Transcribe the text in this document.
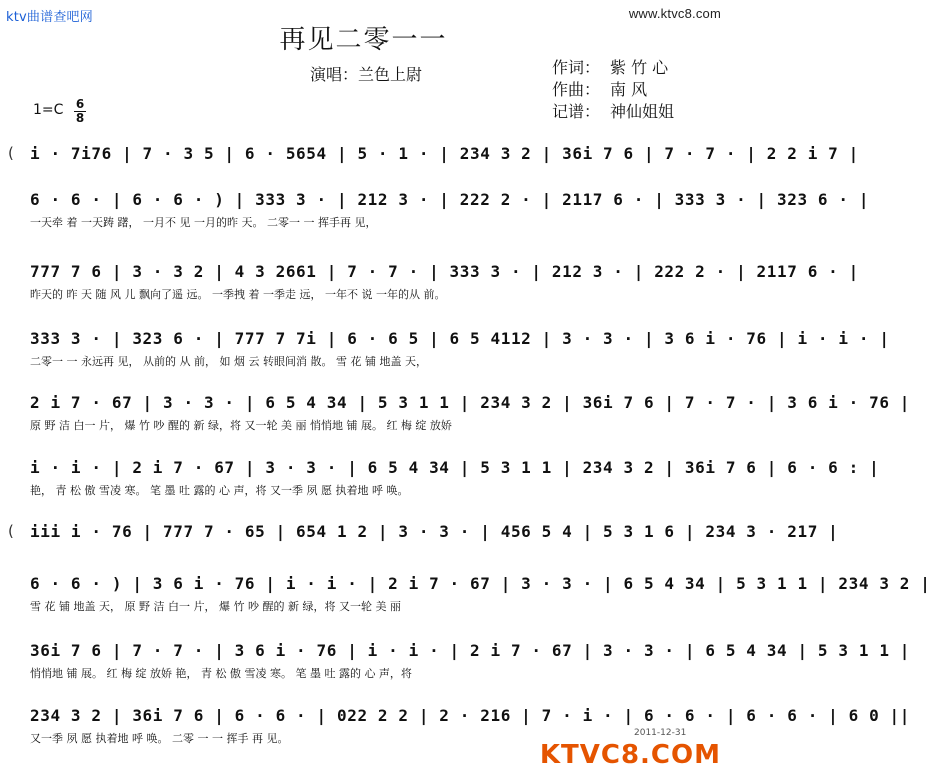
ktv曲谱查吧网	www.ktvc8.com
再见二零一一
演唱：兰色上尉	作词： 紫 竹 心
作曲： 南 风
记谱： 神仙姐姐
1=C 6
8
( i · 7i76 | 7 · 3 5 | 6 · 5654 | 5 · 1 · | 234 3 2 | 36i 7 6 | 7 · 7 · | 2 2 i 7 |
6 · 6 · | 6 · 6 · ) | 333 3 · | 212 3 · | 222 2 · | 2117 6 · | 333 3 · | 323 6 · |
一天牵 着 一天踌 躇， 一月不 见 一月的昨 天。 二零一 一 挥手再 见，
777 7 6 | 3 · 3 2 | 4 3 2661 | 7 · 7 · | 333 3 · | 212 3 · | 222 2 · | 2117 6 · |
昨天的 昨 天 随 风 儿 飘向了遥 远。 一季拽 着 一季走 远， 一年不 说 一年的从 前。
333 3 · | 323 6 · | 777 7 7i | 6 · 6 5 | 6 5 4112 | 3 · 3 · | 3 6 i · 76 | i · i · |
二零一 一 永远再 见， 从前的 从 前， 如 烟 云 转眼间消 散。 雪 花 铺 地盖 天，
2 i 7 · 67 | 3 · 3 · | 6 5 4 34 | 5 3 1 1 | 234 3 2 | 36i 7 6 | 7 · 7 · | 3 6 i · 76 |
原 野 洁 白一 片， 爆 竹 吵 醒的 新 绿，将 又一轮 美 丽 悄悄地 铺 展。 红 梅 绽 放娇
i · i · | 2 i 7 · 67 | 3 · 3 · | 6 5 4 34 | 5 3 1 1 | 234 3 2 | 36i 7 6 | 6 · 6 : |
艳， 青 松 傲 雪凌 寒。 笔 墨 吐 露的 心 声，将 又一季 夙 愿 执着地 呼 唤。
( iii i · 76 | 777 7 · 65 | 654 1 2 | 3 · 3 · | 456 5 4 | 5 3 1 6 | 234 3 · 217 |
6 · 6 · ) | 3 6 i · 76 | i · i · | 2 i 7 · 67 | 3 · 3 · | 6 5 4 34 | 5 3 1 1 | 234 3 2 |
雪 花 铺 地盖 天， 原 野 洁 白一 片， 爆 竹 吵 醒的 新 绿，将 又一轮 美 丽
36i 7 6 | 7 · 7 · | 3 6 i · 76 | i · i · | 2 i 7 · 67 | 3 · 3 · | 6 5 4 34 | 5 3 1 1 |
悄悄地 铺 展。 红 梅 绽 放娇 艳， 青 松 傲 雪凌 寒。 笔 墨 吐 露的 心 声，将
234 3 2 | 36i 7 6 | 6 · 6 · | 022 2 2 | 2 · 216 | 7 · i · | 6 · 6 · | 6 · 6 · | 6 0 ||
又一季 夙 愿 执着地 呼 唤。 二零 一 一 挥手 再 见。	2011-12-31
KTVC8.COM
